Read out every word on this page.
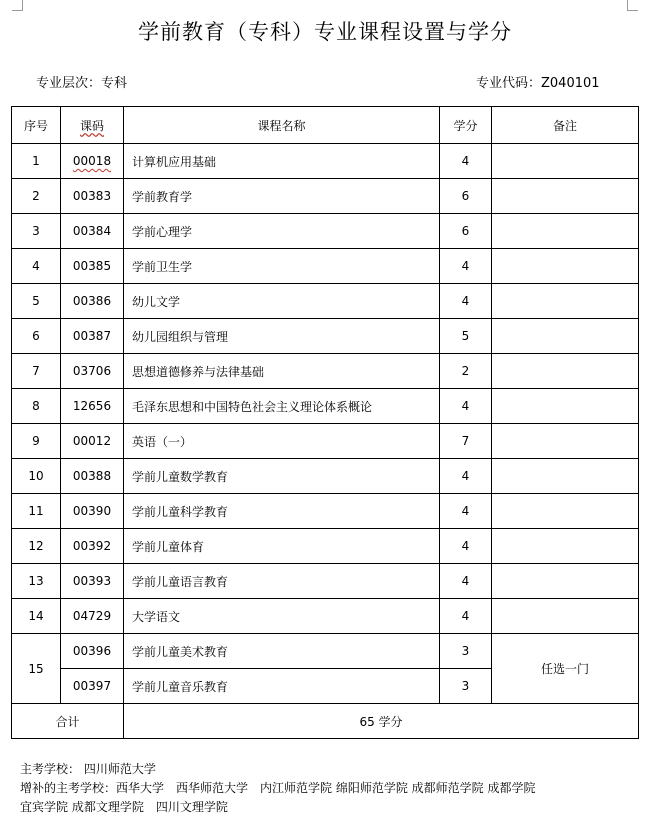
学前教育（专科）专业课程设置与学分
专业层次：专科	专业代码：Z040101
序号	课码	课程名称	学分	备注
1	00018	计算机应用基础	4	
2	00383	学前教育学	6	
3	00384	学前心理学	6	
4	00385	学前卫生学	4	
5	00386	幼儿文学	4	
6	00387	幼儿园组织与管理	5	
7	03706	思想道德修养与法律基础	2	
8	12656	毛泽东思想和中国特色社会主义理论体系概论	4	
9	00012	英语（一）	7	
10	00388	学前儿童数学教育	4	
11	00390	学前儿童科学教育	4	
12	00392	学前儿童体育	4	
13	00393	学前儿童语言教育	4	
14	04729	大学语文	4	
15	00396	学前儿童美术教育	3	任选一门
	00397	学前儿童音乐教育	3	
合计		65 学分		
主考学校： 四川师范大学
增补的主考学校：西华大学　西华师范大学　内江师范学院 绵阳师范学院 成都师范学院 成都学院
宜宾学院 成都文理学院　四川文理学院
